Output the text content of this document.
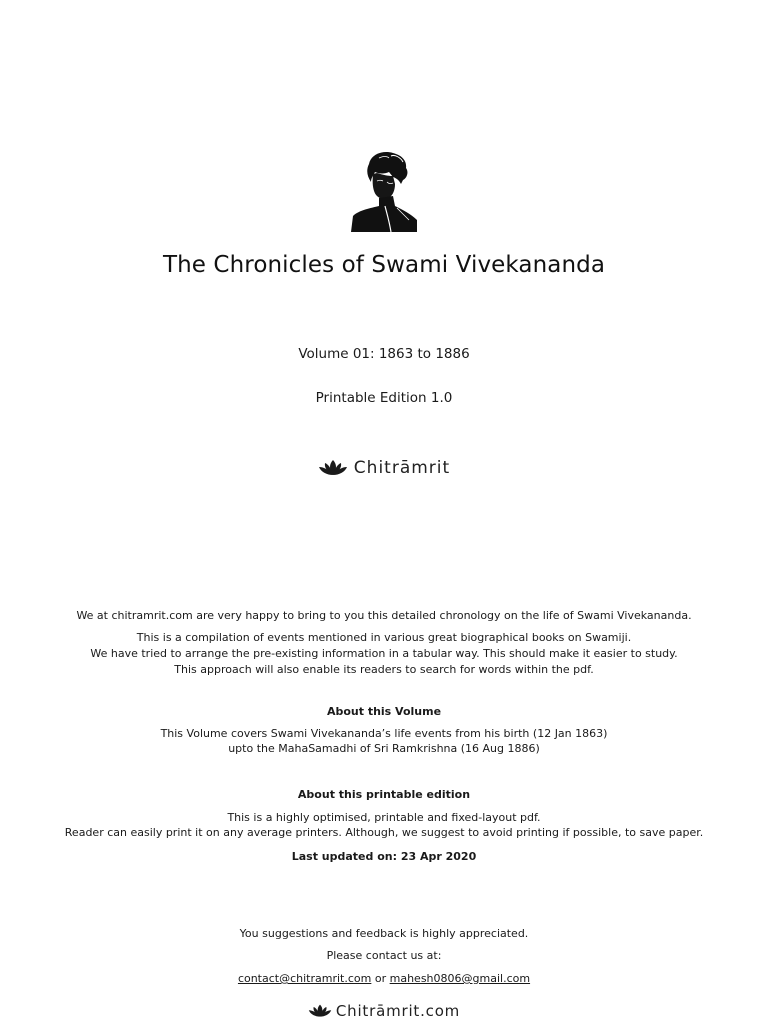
The Chronicles of Swami Vivekananda
Volume 01: 1863 to 1886
Printable Edition 1.0
Chitrāmrit
We at chitramrit.com are very happy to bring to you this detailed chronology on the life of Swami Vivekananda.
This is a compilation of events mentioned in various great biographical books on Swamiji.
We have tried to arrange the pre-existing information in a tabular way. This should make it easier to study.
This approach will also enable its readers to search for words within the pdf.
About this Volume
This Volume covers Swami Vivekananda’s life events from his birth (12 Jan 1863)
upto the MahaSamadhi of Sri Ramkrishna (16 Aug 1886)
About this printable edition
This is a highly optimised, printable and fixed-layout pdf.
Reader can easily print it on any average printers. Although, we suggest to avoid printing if possible, to save paper.
Last updated on: 23 Apr 2020
You suggestions and feedback is highly appreciated.
Please contact us at:
contact@chitramrit.com or mahesh0806@gmail.com
Chitrāmrit.com
